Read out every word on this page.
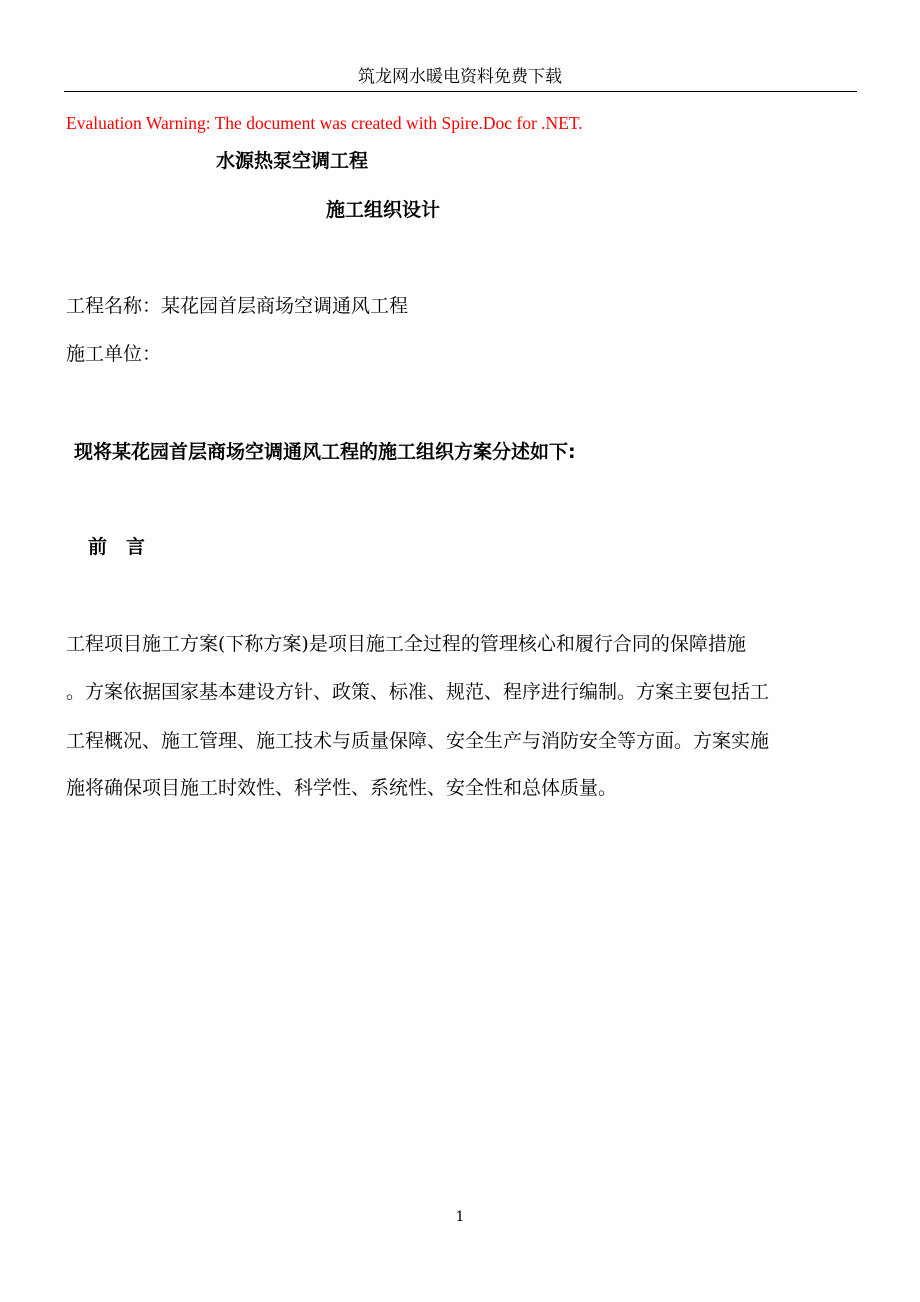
筑龙网水暖电资料免费下载
Evaluation Warning: The document was created with Spire.Doc for .NET.
水源热泵空调工程
施工组织设计
工程名称：某花园首层商场空调通风工程
施工单位：
现将某花园首层商场空调通风工程的施工组织方案分述如下:
前　言
工程项目施工方案(下称方案)是项目施工全过程的管理核心和履行合同的保障措施
。方案依据国家基本建设方针、政策、标准、规范、程序进行编制。方案主要包括工
工程概况、施工管理、施工技术与质量保障、安全生产与消防安全等方面。方案实施
施将确保项目施工时效性、科学性、系统性、安全性和总体质量。
1
